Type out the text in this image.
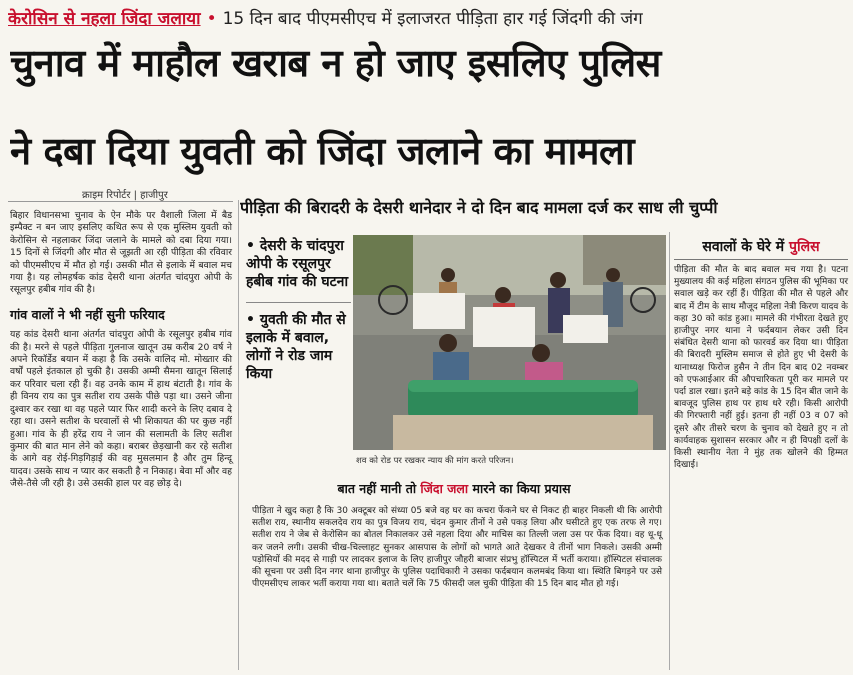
केरोसिन से नहला जिंदा जलाया • 15 दिन बाद पीएमसीएच में इलाजरत पीड़िता हार गई जिंदगी की जंग
चुनाव में माहौल खराब न हो जाए इसलिए पुलिस
ने दबा दिया युवती को जिंदा जलाने का मामला
क्राइम रिपोर्टर | हाजीपुर
पीड़िता की बिरादरी के देसरी थानेदार ने दो दिन बाद मामला दर्ज कर साध ली चुप्पी

बिहार विधानसभा चुनाव के ऐन मौके पर वैशाली जिला में बैड इम्पैक्ट न बन जाए इसलिए कथित रूप से एक मुस्लिम युवती को केरोसिन से नहलाकर जिंदा जलाने के मामले को दबा दिया गया। 15 दिनों से जिंदगी और मौत से जूझती आ रही पीड़िता की रविवार को पीएमसीएच में मौत हो गई। उसकी मौत से इलाके में बवाल मच गया है। यह लोमहर्षक कांड देसरी थाना अंतर्गत चांदपुरा ओपी के रसूलपुर हबीब गांव की है।

गांव वालों ने भी नहीं सुनी फरियाद

यह कांड देसरी थाना अंतर्गत चांदपुरा ओपी के रसूलपुर हबीब गांव की है। मरने से पहले पीड़िता गुलनाज खातून उम्र करीब 20 वर्ष ने अपने रिकॉर्डेड बयान में कहा है कि उसके वालिद मो. मोख्तार की वर्षों पहले इंतकाल हो चुकी है। उसकी अम्मी सैमना खातून सिलाई कर परिवार चला रही हैं। वह उनके काम में हाथ बंटाती है। गांव के ही विनय राय का पुत्र सतीश राय उसके पीछे पड़ा था। उसने जीना दुश्वार कर रखा था वह पहले प्यार फिर शादी करने के लिए दबाव दे रहा था। उसने सतीश के घरवालों से भी शिकायत की पर कुछ नहीं हुआ। गांव के ही हरेंद्र राय ने जान की सलामती के लिए सतीश कुमार की बात मान लेने को कहा। बराबर छेड़खानी कर रहे सतीश के आगे वह रोई-गिड़गिड़ाई की वह मुसलमान है और तुम हिन्दू यादव। उसके साथ न प्यार कर सकती है न निकाह। बेवा माँ और वह जैसे-तैसे जी रही है। उसे उसकी हाल पर वह छोड़ दे।

• देसरी के चांदपुरा ओपी के रसूलपुर हबीब गांव की घटना
• युवती की मौत से इलाके में बवाल, लोगों ने रोड जाम किया
शव को रोड पर रखकर न्याय की मांग करते परिजन।
बात नहीं मानी तो जिंदा जला मारने का किया प्रयास
पीड़िता ने खुद कहा है कि 30 अक्टूबर को संध्या 05 बजे वह घर का कचरा फेंकने घर से निकट ही बाहर निकली थी कि आरोपी सतीश राय, स्थानीय सकलदेव राय का पुत्र विजय राय, चंदन कुमार तीनों ने उसे पकड़ लिया और घसीटते हुए एक तरफ ले गए। सतीश राय ने जेब से केरोसिन का बोतल निकालकर उसे नहला दिया और माचिस का तिल्ली जला उस पर फेंक दिया। वह धू-धू कर जलने लगी। उसकी चीख-चिल्लाहट सुनकर आसपास के लोगों को भागते आते देखकर वे तीनों भाग निकले। उसकी अम्मी पड़ोसियों की मदद से गाड़ी पर लादकर इलाज के लिए हाजीपुर जौहरी बाजार संप्रभु हॉस्पिटल में भर्ती कराया। हॉस्पिटल संचालक की सूचना पर उसी दिन नगर थाना हाजीपुर के पुलिस पदाधिकारी ने उसका फर्दबयान कलमबंद किया था। स्थिति बिगड़ने पर उसे पीएमसीएच लाकर भर्ती कराया गया था। बताते चलें कि 75 फीसदी जल चुकी पीड़िता की 15 दिन बाद मौत हो गई।
सवालों के घेरे में पुलिस
पीड़िता की मौत के बाद बवाल मच गया है। पटना मुख्यालय की कई महिला संगठन पुलिस की भूमिका पर सवाल खड़े कर रहीं हैं। पीड़िता की मौत से पहले और बाद में टीम के साथ मौजूद महिला नेत्री किरण यादव के कहा 30 को कांड हुआ। मामले की गंभीरता देखते हुए हाजीपुर नगर थाना ने फर्दबयान लेकर उसी दिन संबंधित देसरी थाना को फारवर्ड कर दिया था। पीड़िता की बिरादरी मुस्लिम समाज से होते हुए भी देसरी के थानाध्यक्ष फिरोज हुसैन ने तीन दिन बाद 02 नवम्बर को एफआईआर की औपचारिकता पूरी कर मामले पर पर्दा डाल रखा। इतने बड़े कांड के 15 दिन बीत जाने के बावजूद पुलिस हाथ पर हाथ धरे रही। किसी आरोपी की गिरफ्तारी नहीं हुई। इतना ही नहीं 03 व 07 को दूसरे और तीसरे चरण के चुनाव को देखते हुए न तो कार्यवाहक सुशासन सरकार और न ही विपक्षी दलों के किसी स्थानीय नेता ने मुंह तक खोलने की हिम्मत दिखाई।
